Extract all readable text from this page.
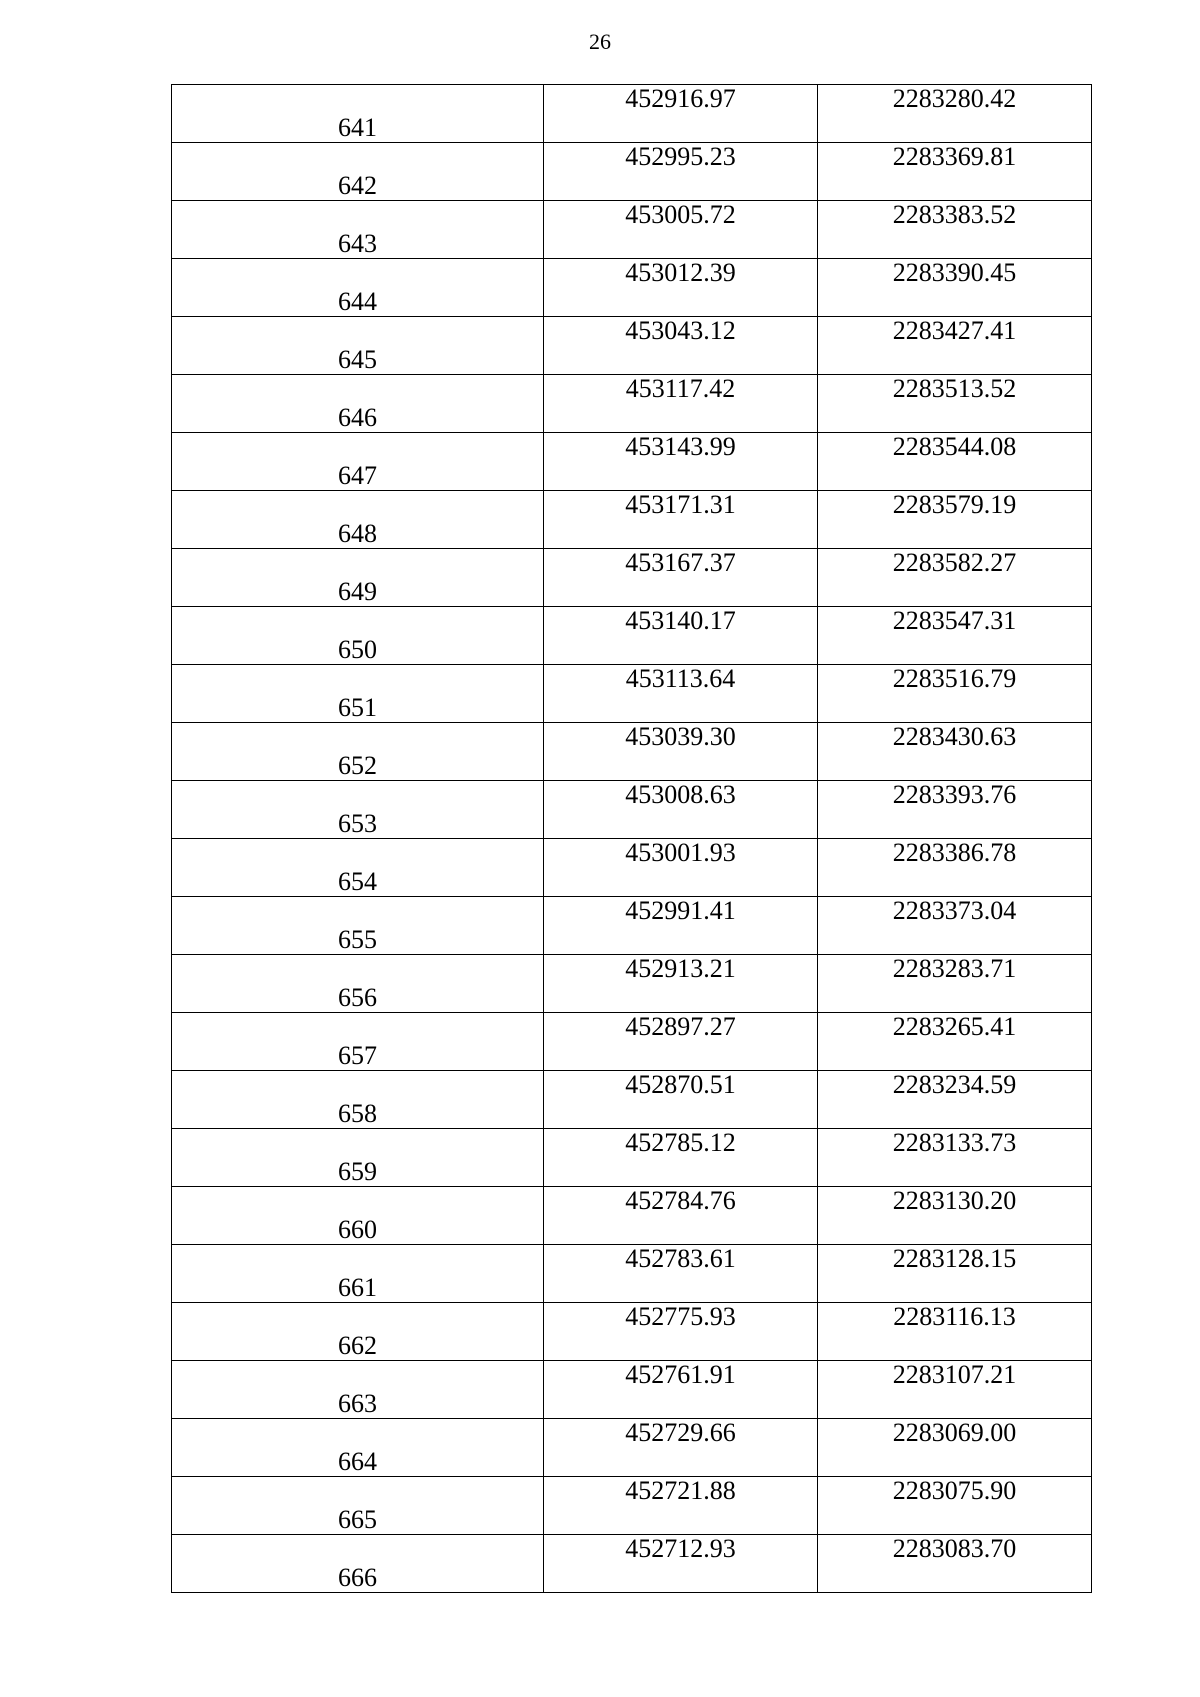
26
641	452916.97	2283280.42
642	452995.23	2283369.81
643	453005.72	2283383.52
644	453012.39	2283390.45
645	453043.12	2283427.41
646	453117.42	2283513.52
647	453143.99	2283544.08
648	453171.31	2283579.19
649	453167.37	2283582.27
650	453140.17	2283547.31
651	453113.64	2283516.79
652	453039.30	2283430.63
653	453008.63	2283393.76
654	453001.93	2283386.78
655	452991.41	2283373.04
656	452913.21	2283283.71
657	452897.27	2283265.41
658	452870.51	2283234.59
659	452785.12	2283133.73
660	452784.76	2283130.20
661	452783.61	2283128.15
662	452775.93	2283116.13
663	452761.91	2283107.21
664	452729.66	2283069.00
665	452721.88	2283075.90
666	452712.93	2283083.70
